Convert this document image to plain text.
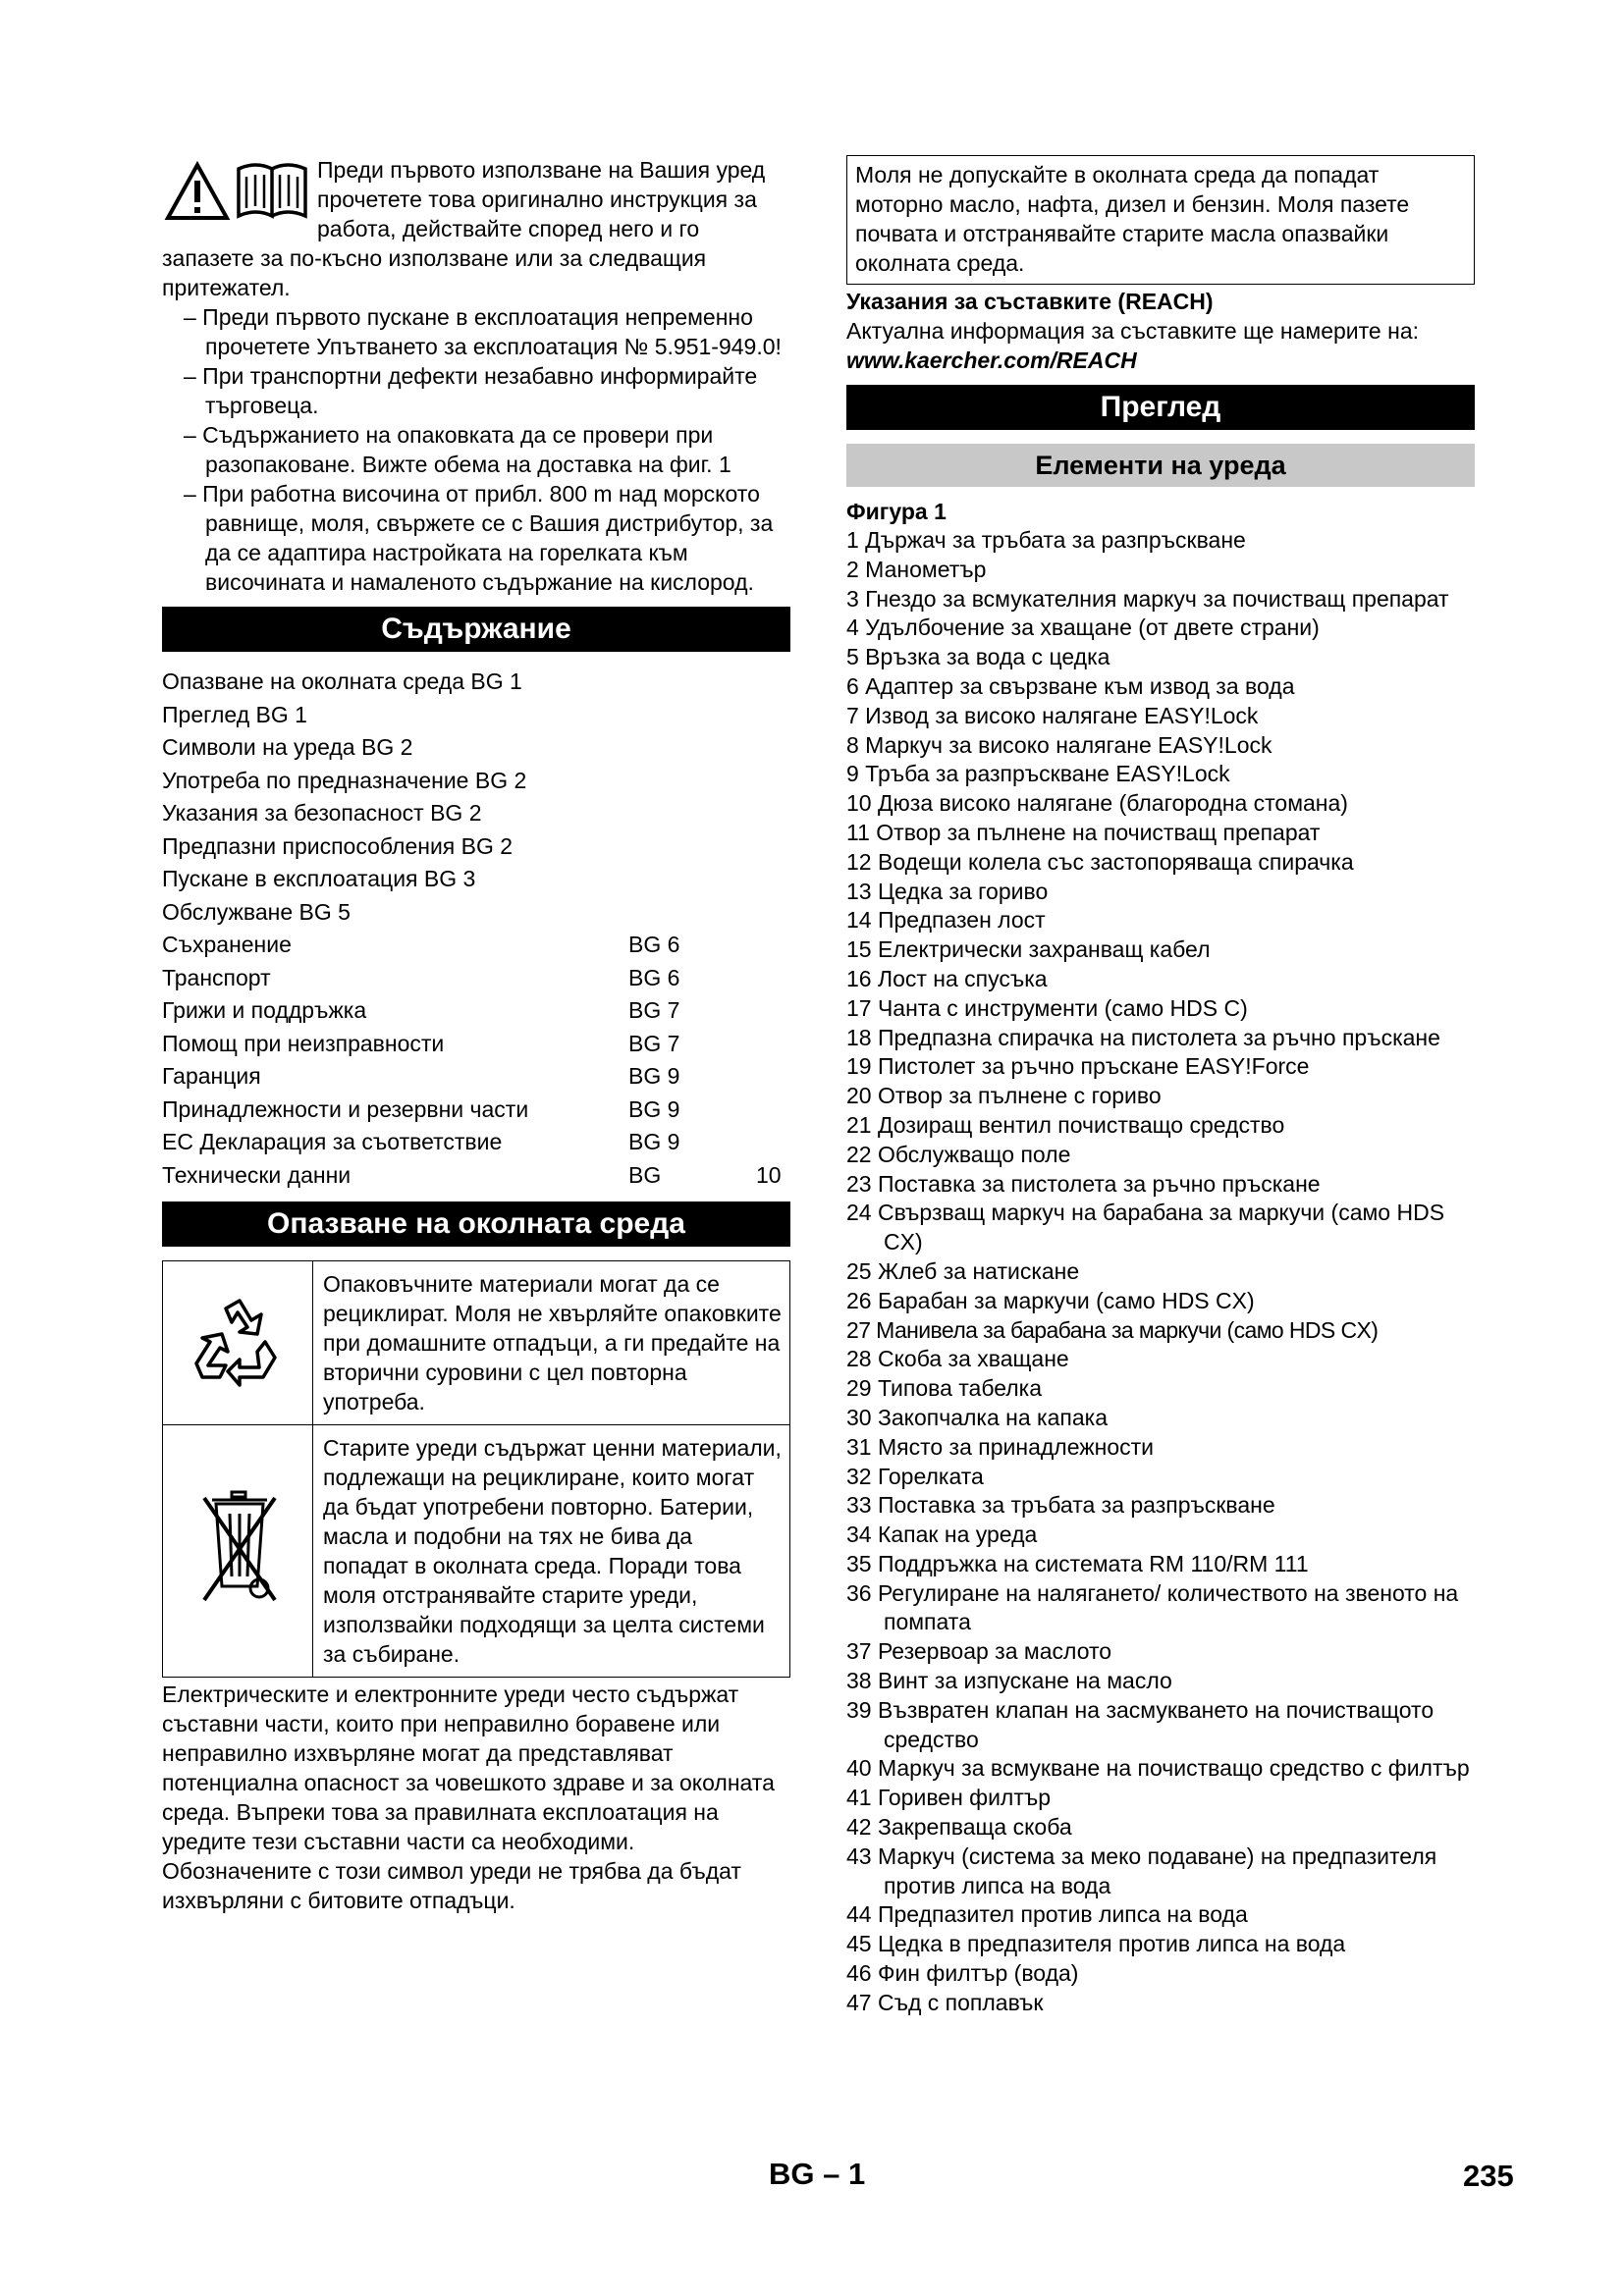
Преди първото използване на Вашия уред прочетете това оригинално инструкция за работа, действайте според него и го запазете за по-късно използване или за следващия притежател.

– Преди първото пускане в експлоатация непременно прочетете Упътването за експлоатация № 5.951-949.0!

– При транспортни дефекти незабавно информирайте търговеца.

– Съдържанието на опаковката да се провери при разопаковане. Вижте обема на доставка на фиг. 1

– При работна височина от прибл. 800 m над морското равнище, моля, свържете се с Вашия дистрибутор, за да се адаптира настройката на горелката към височината и намаленото съдържание на кислород.

Съдържание
Опазване на околната среда BG 1
Преглед BG 1
Символи на уреда BG 2
Употреба по предназначение BG 2
Указания за безопасност BG 2
Предпазни приспособления BG 2
Пускане в експлоатация BG 3
Обслужване BG 5
Съхранение	BG 6
Транспорт	BG 6
Грижи и поддръжка	BG 7
Помощ при неизправности	BG 7
Гаранция	BG 9
Принадлежности и резервни части	BG 9
ЕС Декларация за съответствие	BG 9
Технически данни	BG	10
Опазване на околната среда
	Опаковъчните материали могат да се рециклират. Моля не хвърляйте опаковките при домашните отпадъци, а ги предайте на вторични суровини с цел повторна употреба.
	Старите уреди съдържат ценни материали, подлежащи на рециклиране, които могат да бъдат употребени повторно. Батерии, масла и подобни на тях не бива да попадат в околната среда. Поради това моля отстранявайте старите уреди, използвайки подходящи за целта системи за събиране.

Електрическите и електронните уреди често съдържат съставни части, които при неправилно боравене или неправилно изхвърляне могат да представляват потенциална опасност за човешкото здраве и за околната среда. Въпреки това за правилната експлоатация на уредите тези съставни части са необходими. Обозначените с този символ уреди не трябва да бъдат изхвърляни с битовите отпадъци.

Моля не допускайте в околната среда да попадат моторно масло, нафта, дизел и бензин. Моля пазете почвата и отстранявайте старите масла опазвайки околната среда.

Указания за съставките (REACH)

Актуална информация за съставките ще намерите на:

www.kaercher.com/REACH

Преглед
Елементи на уреда

Фигура 1

1 Държач за тръбата за разпръскване
2 Манометър
3 Гнездо за всмукателния маркуч за почистващ препарат
4 Удълбочение за хващане (от двете страни)
5 Връзка за вода с цедка
6 Адаптер за свързване към извод за вода
7 Извод за високо налягане EASY!Lock
8 Маркуч за високо налягане EASY!Lock
9 Тръба за разпръскване EASY!Lock
10 Дюза високо налягане (благородна стомана)
11 Отвор за пълнене на почистващ препарат
12 Водещи колела със застопоряваща спирачка
13 Цедка за гориво
14 Предпазен лост
15 Електрически захранващ кабел
16 Лост на спусъка
17 Чанта с инструменти (само HDS C)
18 Предпазна спирачка на пистолета за ръчно пръскане
19 Пистолет за ръчно пръскане EASY!Force
20 Отвор за пълнене с гориво
21 Дозиращ вентил почистващо средство
22 Обслужващо поле
23 Поставка за пистолета за ръчно пръскане
24 Свързващ маркуч на барабана за маркучи (само HDS CX)
25 Жлеб за натискане
26 Барабан за маркучи (само HDS CX)
27 Манивела за барабана за маркучи (само HDS CX)
28 Скоба за хващане
29 Типова табелка
30 Закопчалка на капака
31 Място за принадлежности
32 Горелката
33 Поставка за тръбата за разпръскване
34 Капак на уреда
35 Поддръжка на системата RM 110/RM 111
36 Регулиране на налягането/ количеството на звеното на помпата
37 Резервоар за маслото
38 Винт за изпускане на масло
39 Възвратен клапан на засмукването на почистващото средство
40 Маркуч за всмукване на почистващо средство с филтър
41 Горивен филтър
42 Закрепваща скоба
43 Маркуч (система за меко подаване) на предпазителя против липса на вода
44 Предпазител против липса на вода
45 Цедка в предпазителя против липса на вода
46 Фин филтър (вода)
47 Съд с поплавък
BG – 1	235
